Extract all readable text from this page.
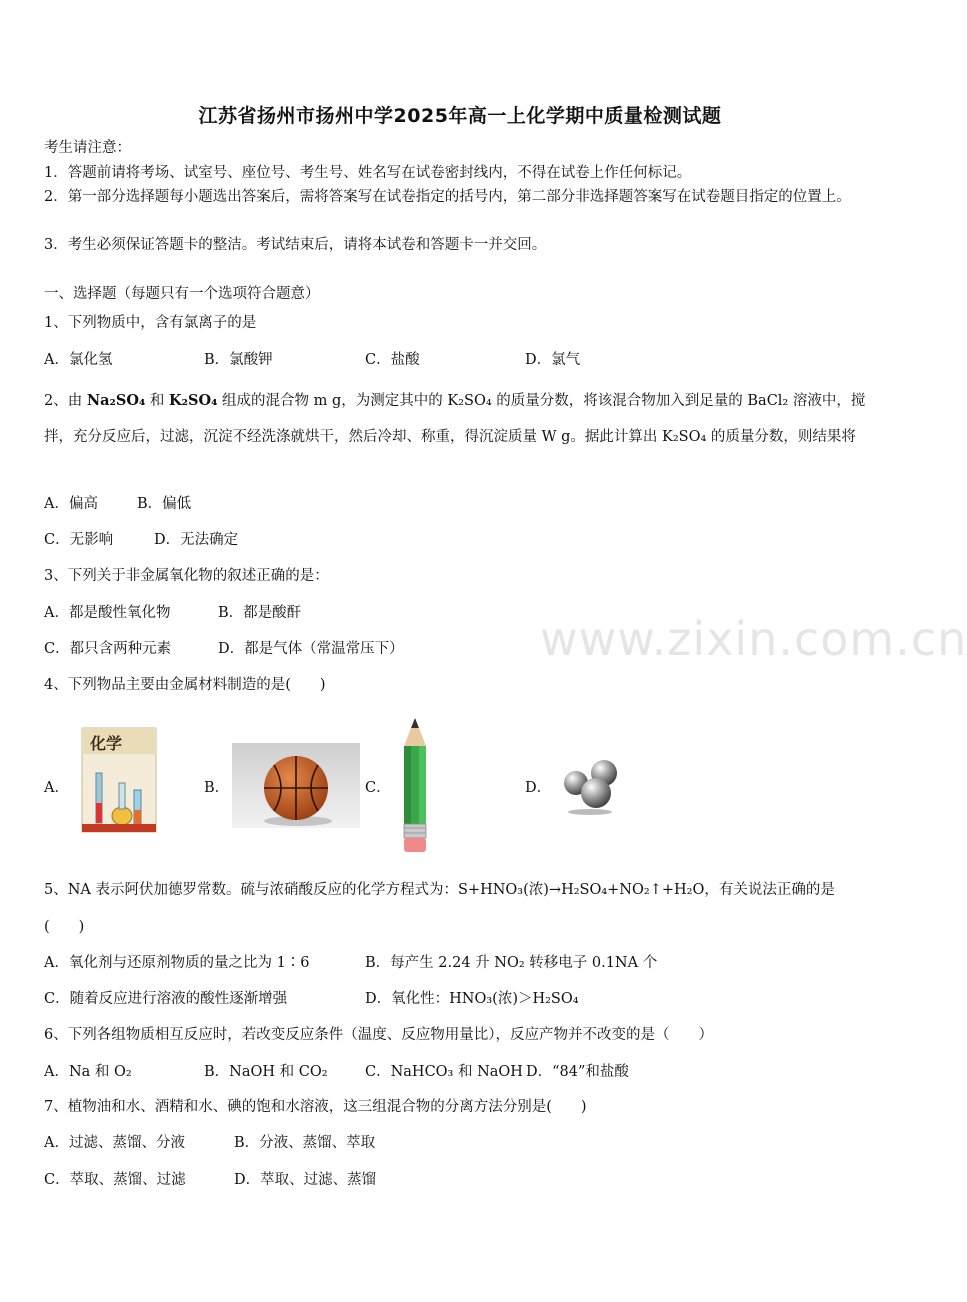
江苏省扬州市扬州中学2025年高一上化学期中质量检测试题
考生请注意：
1．答题前请将考场、试室号、座位号、考生号、姓名写在试卷密封线内，不得在试卷上作任何标记。
2．第一部分选择题每小题选出答案后，需将答案写在试卷指定的括号内，第二部分非选择题答案写在试卷题目指定的位置上。
3．考生必须保证答题卡的整洁。考试结束后，请将本试卷和答题卡一并交回。
一、选择题（每题只有一个选项符合题意）
1、下列物质中，含有氯离子的是
A．氯化氢	B．氯酸钾	C．盐酸	D．氯气
2、由 Na₂SO₄ 和 K₂SO₄ 组成的混合物 m g，为测定其中的 K₂SO₄ 的质量分数，将该混合物加入到足量的 BaCl₂ 溶液中，搅拌，充分反应后，过滤，沉淀不经洗涤就烘干，然后冷却、称重，得沉淀质量 W g。据此计算出 K₂SO₄ 的质量分数，则结果将
A．偏高	B．偏低
C．无影响	D．无法确定
3、下列关于非金属氧化物的叙述正确的是：
A．都是酸性氧化物	B．都是酸酐
C．都只含两种元素	D．都是气体（常温常压下）	www.zixin.com.cn
4、下列物品主要由金属材料制造的是(　　)
A．
化学
B．	C．	D．
5、NA 表示阿伏加德罗常数。硫与浓硝酸反应的化学方程式为：S+HNO₃(浓)→H₂SO₄+NO₂↑+H₂O，有关说法正确的是
(　　)
A．氧化剂与还原剂物质的量之比为 1∶6	B．每产生 2.24 升 NO₂ 转移电子 0.1NA 个
C．随着反应进行溶液的酸性逐渐增强	D．氧化性：HNO₃(浓)＞H₂SO₄
6、下列各组物质相互反应时，若改变反应条件（温度、反应物用量比），反应产物并不改变的是（　　）
A．Na 和 O₂	B．NaOH 和 CO₂	C．NaHCO₃ 和 NaOH D．“84”和盐酸
7、植物油和水、酒精和水、碘的饱和水溶液，这三组混合物的分离方法分别是(　　)
A．过滤、蒸馏、分液	B．分液、蒸馏、萃取
C．萃取、蒸馏、过滤	D．萃取、过滤、蒸馏
